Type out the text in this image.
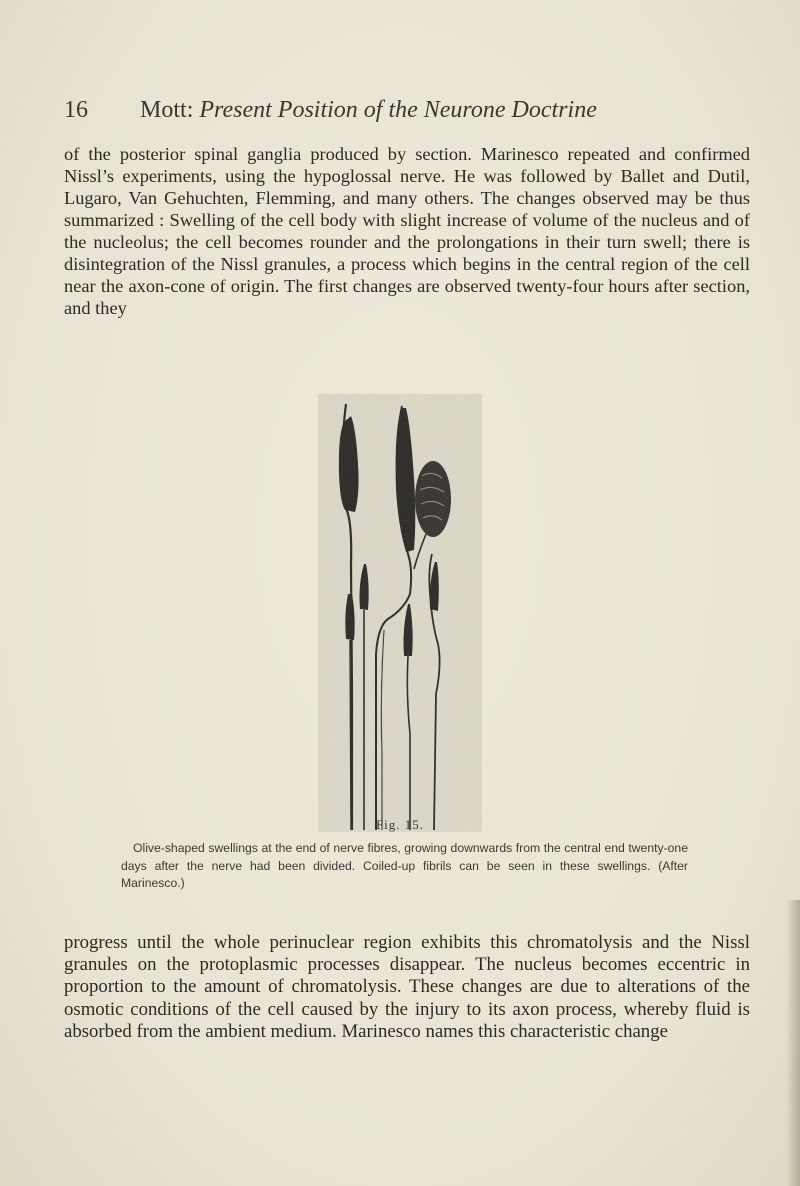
16 Mott: Present Position of the Neurone Doctrine

of the posterior spinal ganglia produced by section. Marinesco repeated and confirmed Nissl’s experiments, using the hypoglossal nerve. He was followed by Ballet and Dutil, Lugaro, Van Gehuchten, Flemming, and many others. The changes observed may be thus summarized : Swelling of the cell body with slight increase of volume of the nucleus and of the nucleolus; the cell becomes rounder and the prolongations in their turn swell; there is disintegration of the Nissl granules, a process which begins in the central region of the cell near the axon-cone of origin. The first changes are observed twenty-four hours after section, and they

Fig. 15.

Olive-shaped swellings at the end of nerve fibres, growing downwards from the central end twenty-one days after the nerve had been divided. Coiled-up fibrils can be seen in these swellings. (After Marinesco.)

progress until the whole perinuclear region exhibits this chromatolysis and the Nissl granules on the protoplasmic processes disappear. The nucleus becomes eccentric in proportion to the amount of chromatolysis. These changes are due to alterations of the osmotic conditions of the cell caused by the injury to its axon process, whereby fluid is absorbed from the ambient medium. Marinesco names this characteristic change
